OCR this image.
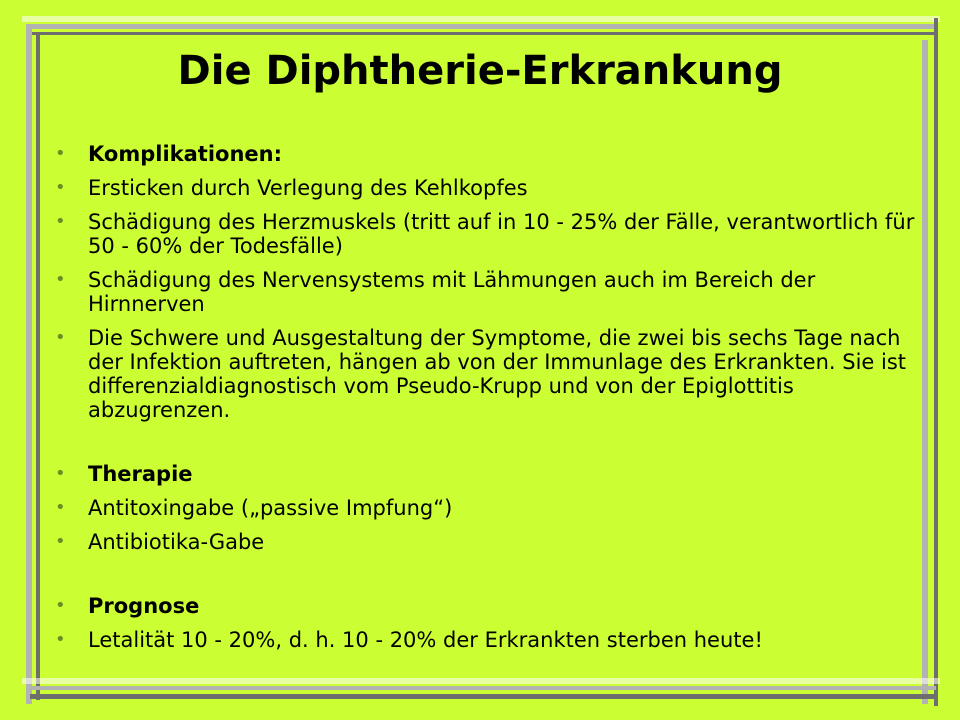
Die Diphtherie-Erkrankung
• Komplikationen:
• Ersticken durch Verlegung des Kehlkopfes
• Schädigung des Herzmuskels (tritt auf in 10 - 25% der Fälle, verantwortlich für 50 - 60% der Todesfälle)
• Schädigung des Nervensystems mit Lähmungen auch im Bereich der Hirnnerven
• Die Schwere und Ausgestaltung der Symptome, die zwei bis sechs Tage nach der Infektion auftreten, hängen ab von der Immunlage des Erkrankten. Sie ist differenzialdiagnostisch vom Pseudo-Krupp und von der Epiglottitis abzugrenzen.
• Therapie
• Antitoxingabe („passive Impfung“)
• Antibiotika-Gabe
• Prognose
• Letalität 10 - 20%, d. h. 10 - 20% der Erkrankten sterben heute!
